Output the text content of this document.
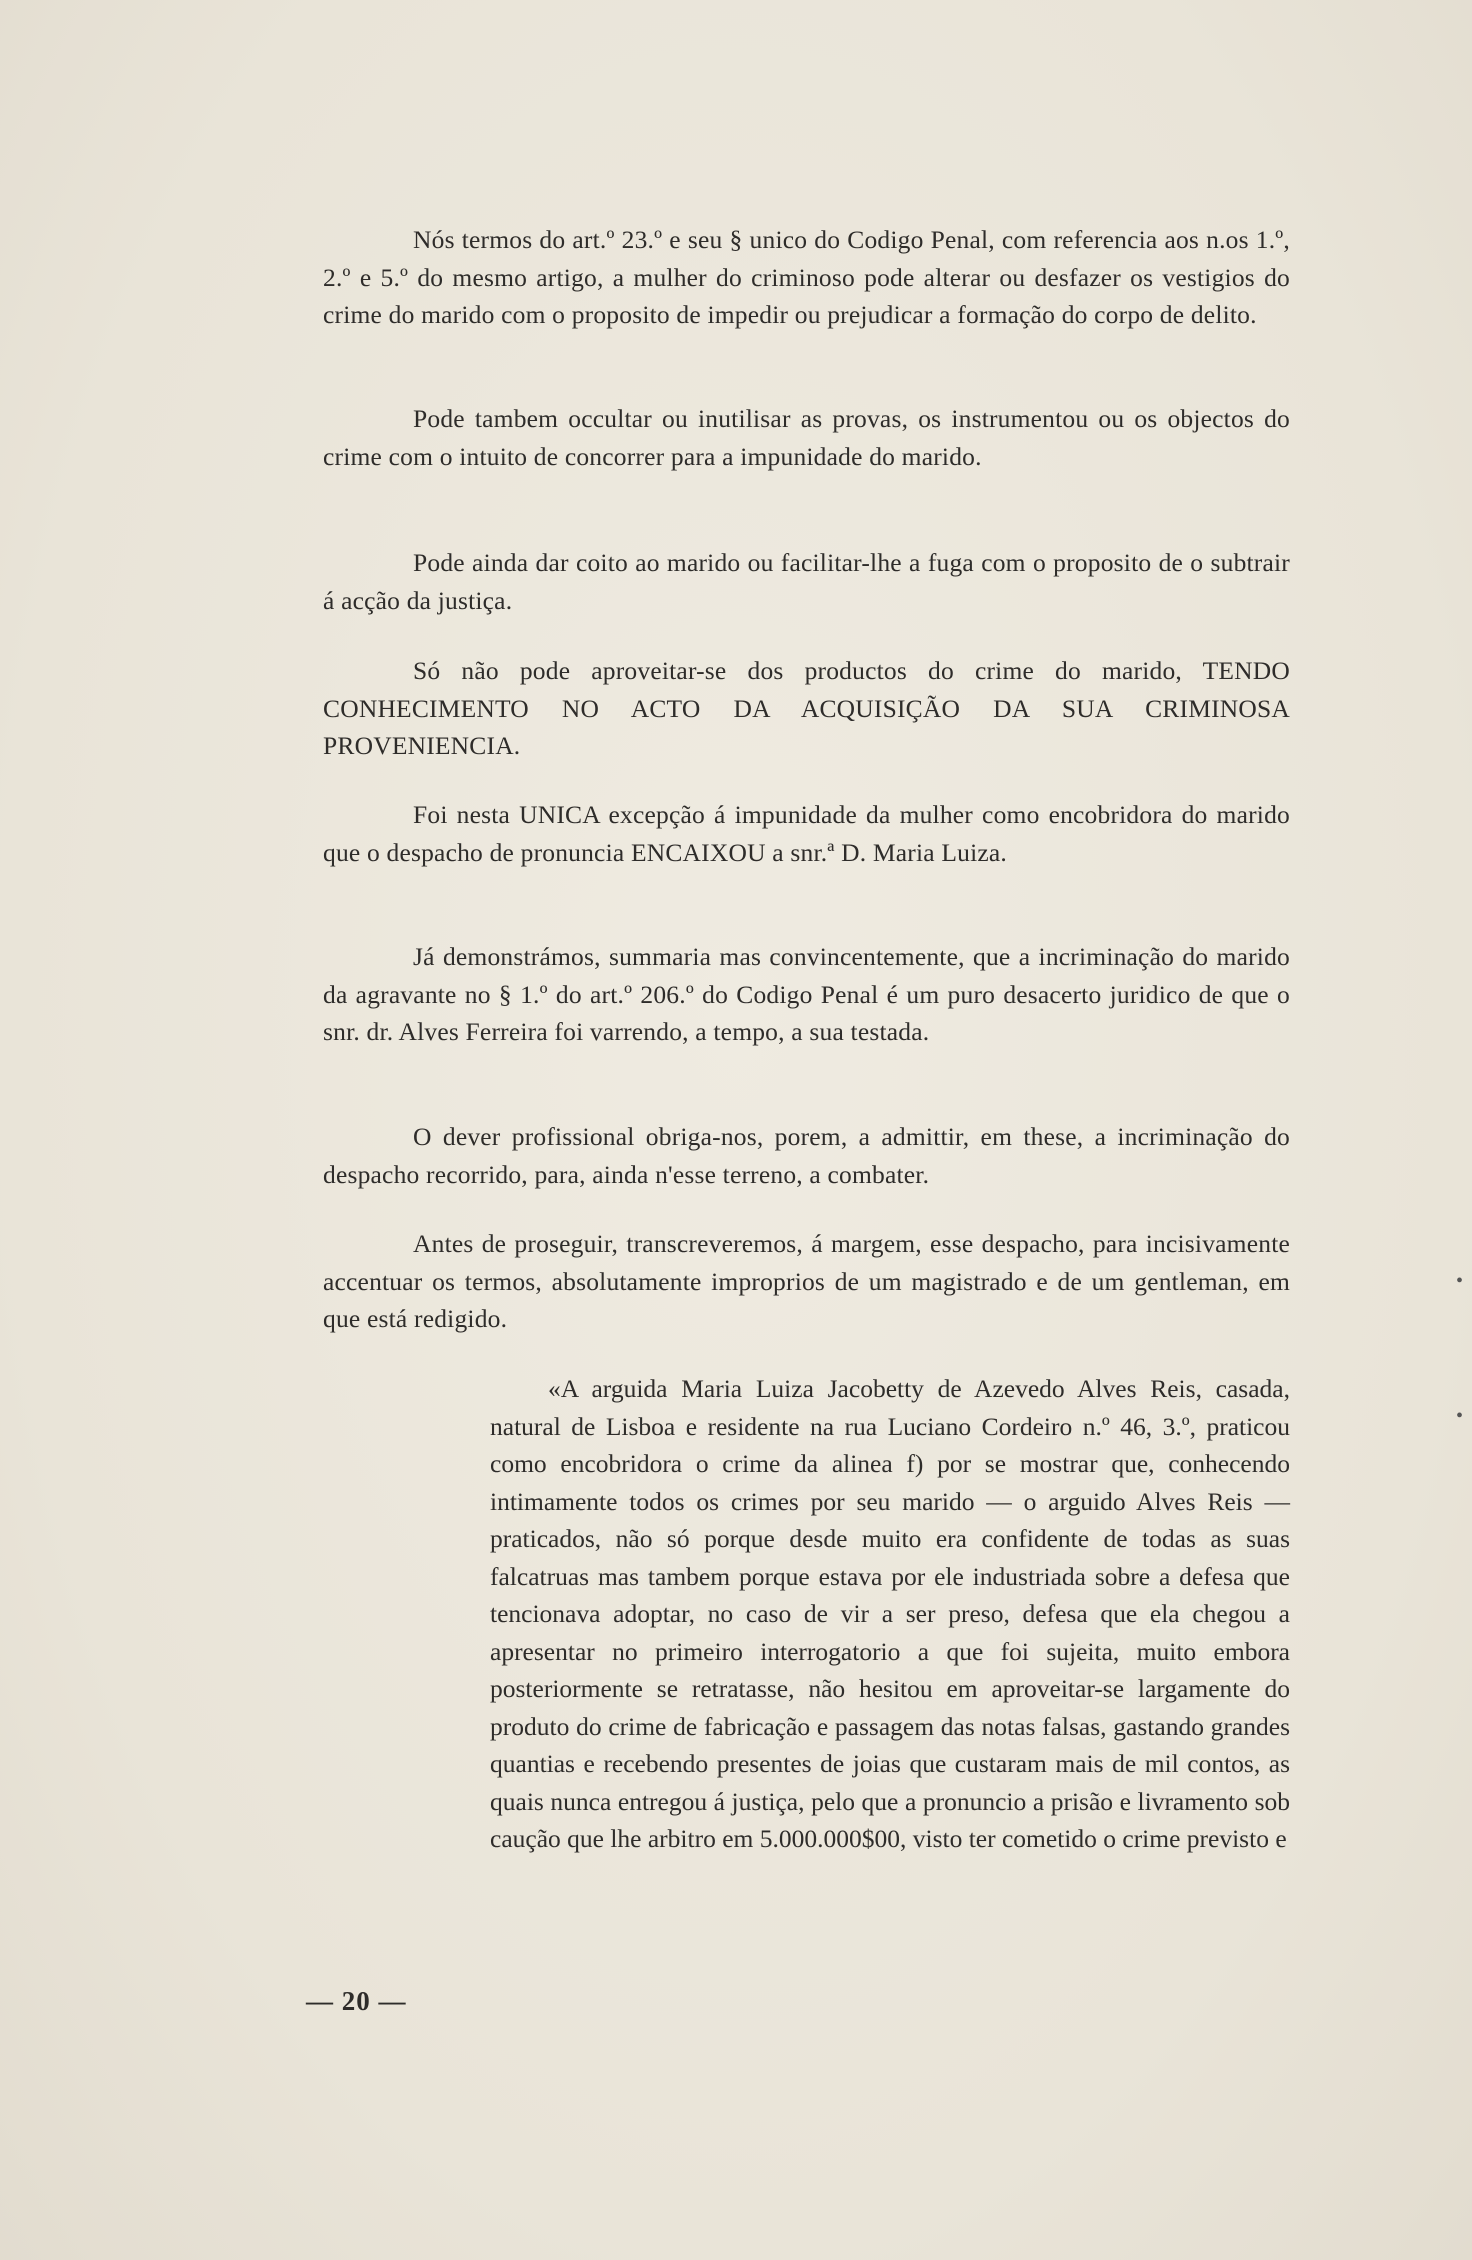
Nós termos do art.º 23.º e seu § unico do Codigo Penal, com referencia aos n.os 1.º, 2.º e 5.º do mesmo artigo, a mulher do criminoso pode alterar ou desfazer os vestigios do crime do marido com o proposito de impedir ou prejudicar a formação do corpo de delito.

Pode tambem occultar ou inutilisar as provas, os instrumentou ou os objectos do crime com o intuito de concorrer para a impunidade do marido.

Pode ainda dar coito ao marido ou facilitar-lhe a fuga com o proposito de o subtrair á acção da justiça.

Só não pode aproveitar-se dos productos do crime do marido, TENDO CONHECIMENTO NO ACTO DA ACQUISIÇÃO DA SUA CRIMINOSA PROVENIENCIA.

Foi nesta UNICA excepção á impunidade da mulher como encobridora do marido que o despacho de pronuncia ENCAIXOU a snr.ª D. Maria Luiza.

Já demonstrámos, summaria mas convincentemente, que a incriminação do marido da agravante no § 1.º do art.º 206.º do Codigo Penal é um puro desacerto juridico de que o snr. dr. Alves Ferreira foi varrendo, a tempo, a sua testada.

O dever profissional obriga-nos, porem, a admittir, em these, a incriminação do despacho recorrido, para, ainda n'esse terreno, a combater.

Antes de proseguir, transcreveremos, á margem, esse despacho, para incisivamente accentuar os termos, absolutamente improprios de um magistrado e de um gentleman, em que está redigido.

«A arguida Maria Luiza Jacobetty de Azevedo Alves Reis, casada, natural de Lisboa e residente na rua Luciano Cordeiro n.º 46, 3.º, praticou como encobridora o crime da alinea f) por se mostrar que, conhecendo intimamente todos os crimes por seu marido — o arguido Alves Reis — praticados, não só porque desde muito era confidente de todas as suas falcatruas mas tambem porque estava por ele industriada sobre a defesa que tencionava adoptar, no caso de vir a ser preso, defesa que ela chegou a apresentar no primeiro interrogatorio a que foi sujeita, muito embora posteriormente se retratasse, não hesitou em aproveitar-se largamente do produto do crime de fabricação e passagem das notas falsas, gastando grandes quantias e recebendo presentes de joias que custaram mais de mil contos, as quais nunca entregou á justiça, pelo que a pronuncio a prisão e livramento sob caução que lhe arbitro em 5.000.000$00, visto ter cometido o crime previsto e

— 20 —
•
•
